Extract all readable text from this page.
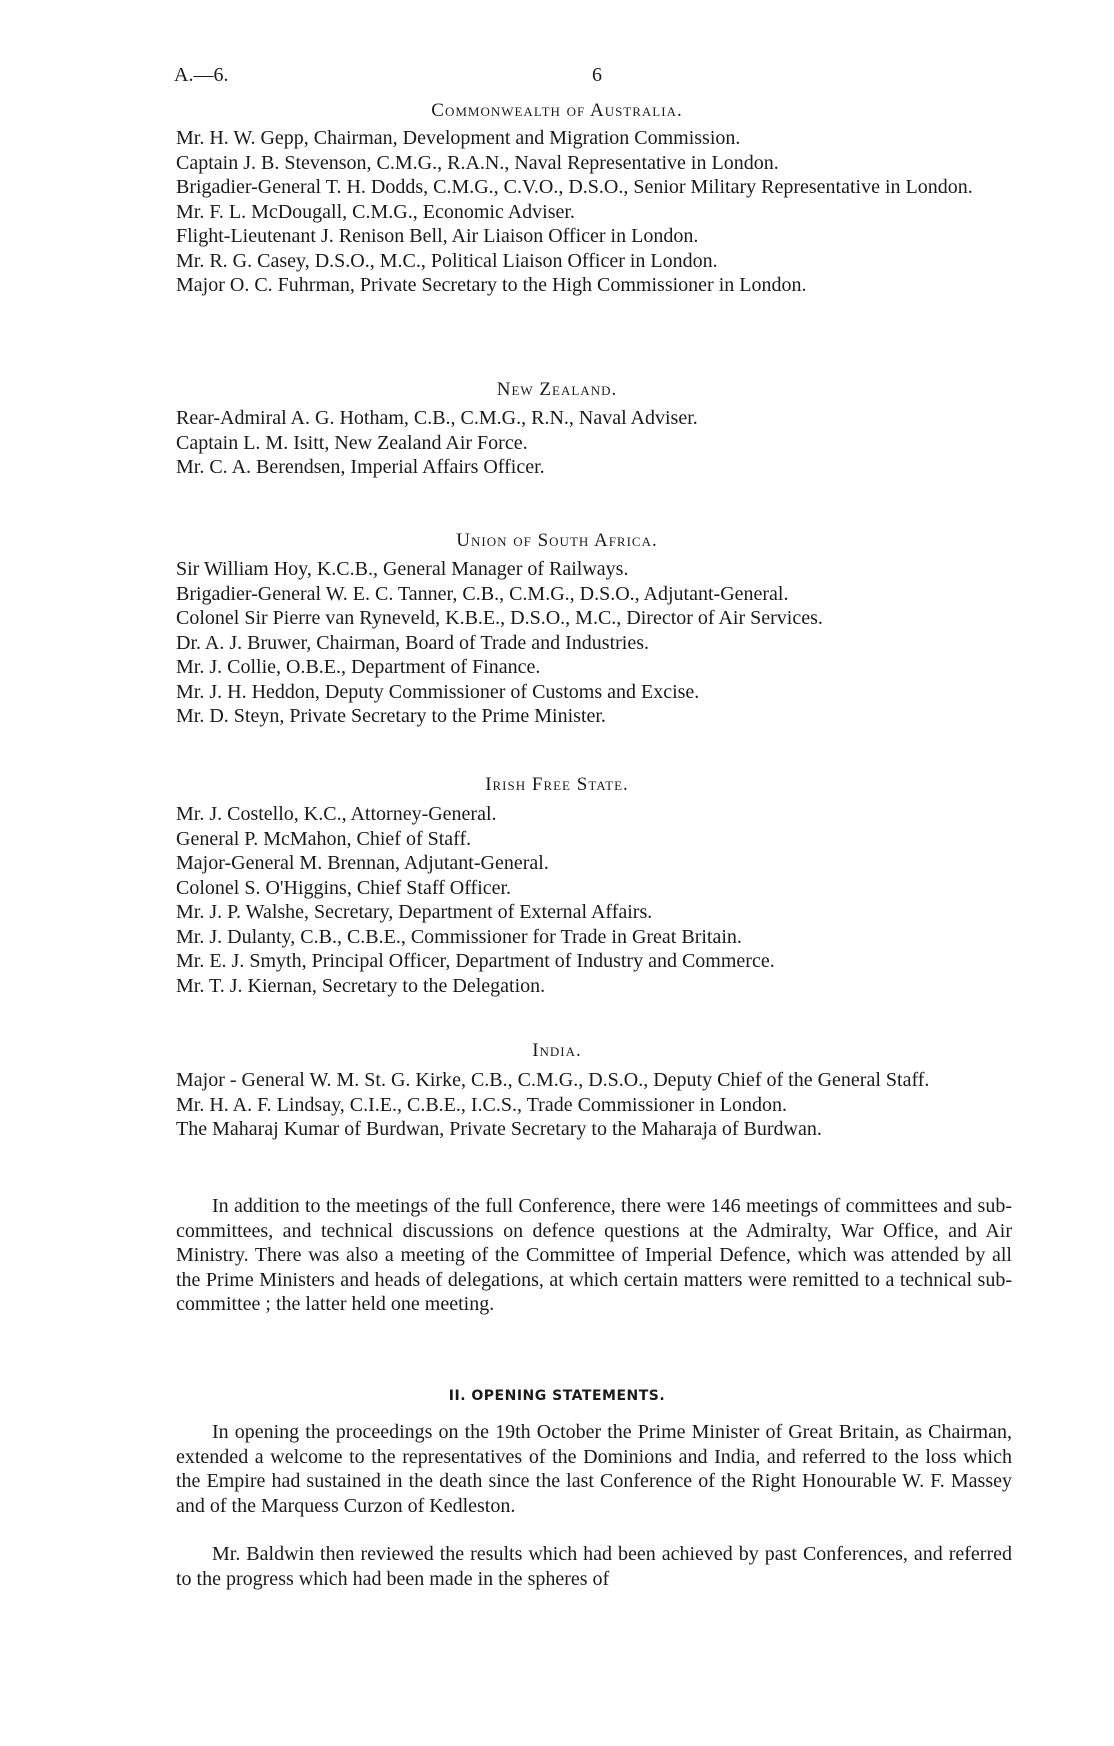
A.—6.	6
Commonwealth of Australia.
Mr. H. W. Gepp, Chairman, Development and Migration Commission.
Captain J. B. Stevenson, C.M.G., R.A.N., Naval Representative in London.
Brigadier-General T. H. Dodds, C.M.G., C.V.O., D.S.O., Senior Military Representative in London.
Mr. F. L. McDougall, C.M.G., Economic Adviser.
Flight-Lieutenant J. Renison Bell, Air Liaison Officer in London.
Mr. R. G. Casey, D.S.O., M.C., Political Liaison Officer in London.
Major O. C. Fuhrman, Private Secretary to the High Commissioner in London.
New Zealand.
Rear-Admiral A. G. Hotham, C.B., C.M.G., R.N., Naval Adviser.
Captain L. M. Isitt, New Zealand Air Force.
Mr. C. A. Berendsen, Imperial Affairs Officer.
Union of South Africa.
Sir William Hoy, K.C.B., General Manager of Railways.
Brigadier-General W. E. C. Tanner, C.B., C.M.G., D.S.O., Adjutant-General.
Colonel Sir Pierre van Ryneveld, K.B.E., D.S.O., M.C., Director of Air Services.
Dr. A. J. Bruwer, Chairman, Board of Trade and Industries.
Mr. J. Collie, O.B.E., Department of Finance.
Mr. J. H. Heddon, Deputy Commissioner of Customs and Excise.
Mr. D. Steyn, Private Secretary to the Prime Minister.
Irish Free State.
Mr. J. Costello, K.C., Attorney-General.
General P. McMahon, Chief of Staff.
Major-General M. Brennan, Adjutant-General.
Colonel S. O'Higgins, Chief Staff Officer.
Mr. J. P. Walshe, Secretary, Department of External Affairs.
Mr. J. Dulanty, C.B., C.B.E., Commissioner for Trade in Great Britain.
Mr. E. J. Smyth, Principal Officer, Department of Industry and Commerce.
Mr. T. J. Kiernan, Secretary to the Delegation.
India.
Major - General W. M. St. G. Kirke, C.B., C.M.G., D.S.O., Deputy Chief of the General Staff.
Mr. H. A. F. Lindsay, C.I.E., C.B.E., I.C.S., Trade Commissioner in London.
The Maharaj Kumar of Burdwan, Private Secretary to the Maharaja of Burdwan.

In addition to the meetings of the full Conference, there were 146 meetings of committees and sub-committees, and technical discussions on defence questions at the Admiralty, War Office, and Air Ministry. There was also a meeting of the Committee of Imperial Defence, which was attended by all the Prime Ministers and heads of delegations, at which certain matters were remitted to a technical sub-committee ; the latter held one meeting.

II. OPENING STATEMENTS.

In opening the proceedings on the 19th October the Prime Minister of Great Britain, as Chairman, extended a welcome to the representatives of the Dominions and India, and referred to the loss which the Empire had sustained in the death since the last Conference of the Right Honourable W. F. Massey and of the Marquess Curzon of Kedleston.

Mr. Baldwin then reviewed the results which had been achieved by past Conferences, and referred to the progress which had been made in the spheres of
